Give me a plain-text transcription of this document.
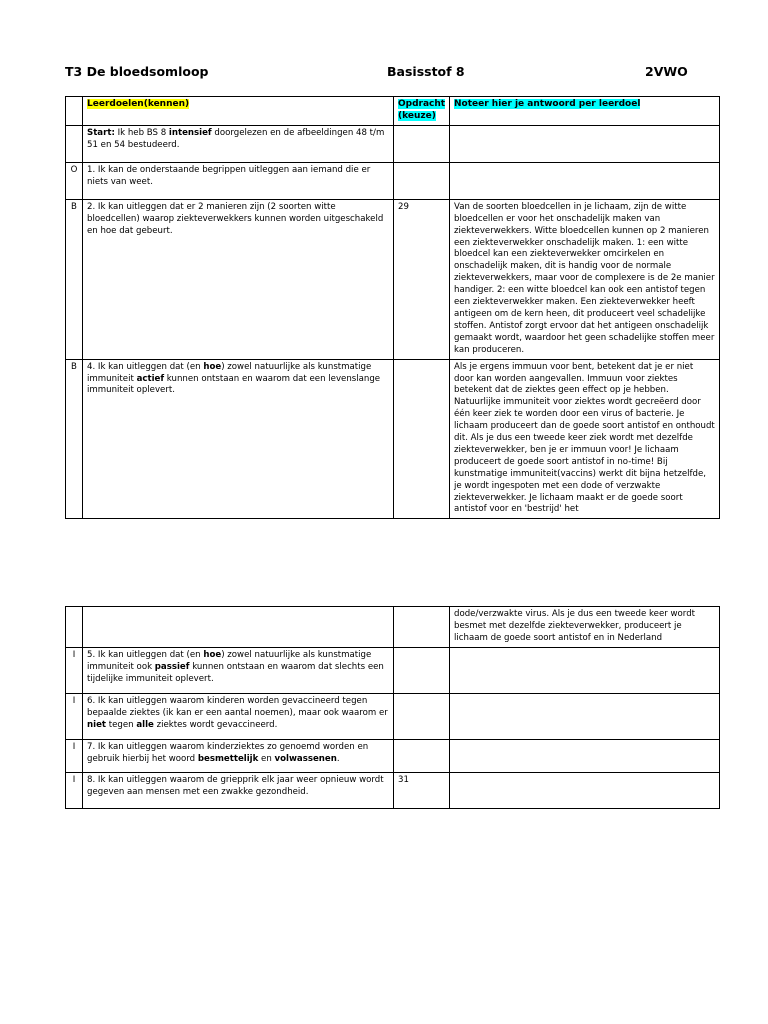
T3 De bloedsomloop	Basisstof 8	2VWO
	Leerdoelen(kennen)	Opdracht (keuze)	Noteer hier je antwoord per leerdoel
	Start: Ik heb BS 8 intensief doorgelezen en de afbeeldingen 48 t/m 51 en 54 bestudeerd.		
O	1. Ik kan de onderstaande begrippen uitleggen aan iemand die er niets van weet.		
B	2. Ik kan uitleggen dat er 2 manieren zijn (2 soorten witte bloedcellen) waarop ziekteverwekkers kunnen worden uitgeschakeld en hoe dat gebeurt.	29	Van de soorten bloedcellen in je lichaam, zijn de witte bloedcellen er voor het onschadelijk maken van ziekteverwekkers. Witte bloedcellen kunnen op 2 manieren een ziekteverwekker onschadelijk maken. 1: een witte bloedcel kan een ziekteverwekker omcirkelen en onschadelijk maken, dit is handig voor de normale ziekteverwekkers, maar voor de complexere is de 2e manier handiger. 2: een witte bloedcel kan ook een antistof tegen een ziekteverwekker maken. Een ziekteverwekker heeft antigeen om de kern heen, dit produceert veel schadelijke stoffen. Antistof zorgt ervoor dat het antigeen onschadelijk gemaakt wordt, waardoor het geen schadelijke stoffen meer kan produceren.
B	4. Ik kan uitleggen dat (en hoe) zowel natuurlijke als kunstmatige immuniteit actief kunnen ontstaan en waarom dat een levenslange immuniteit oplevert.		Als je ergens immuun voor bent, betekent dat je er niet door kan worden aangevallen. Immuun voor ziektes betekent dat de ziektes geen effect op je hebben. Natuurlijke immuniteit voor ziektes wordt gecreëerd door één keer ziek te worden door een virus of bacterie. Je lichaam produceert dan de goede soort antistof en onthoudt dit. Als je dus een tweede keer ziek wordt met dezelfde ziekteverwekker, ben je er immuun voor! Je lichaam produceert de goede soort antistof in no-time! Bij kunstmatige immuniteit(vaccins) werkt dit bijna hetzelfde, je wordt ingespoten met een dode of verzwakte ziekteverwekker. Je lichaam maakt er de goede soort antistof voor en 'bestrijd' het
			dode/verzwakte virus. Als je dus een tweede keer wordt besmet met dezelfde ziekteverwekker, produceert je lichaam de goede soort antistof en in Nederland
I	5. Ik kan uitleggen dat (en hoe) zowel natuurlijke als kunstmatige immuniteit ook passief kunnen ontstaan en waarom dat slechts een tijdelijke immuniteit oplevert.		
I	6. Ik kan uitleggen waarom kinderen worden gevaccineerd tegen bepaalde ziektes (ik kan er een aantal noemen), maar ook waarom er niet tegen alle ziektes wordt gevaccineerd.		
I	7. Ik kan uitleggen waarom kinderziektes zo genoemd worden en gebruik hierbij het woord besmettelijk en volwassenen.		
I	8. Ik kan uitleggen waarom de griepprik elk jaar weer opnieuw wordt gegeven aan mensen met een zwakke gezondheid.	31	
